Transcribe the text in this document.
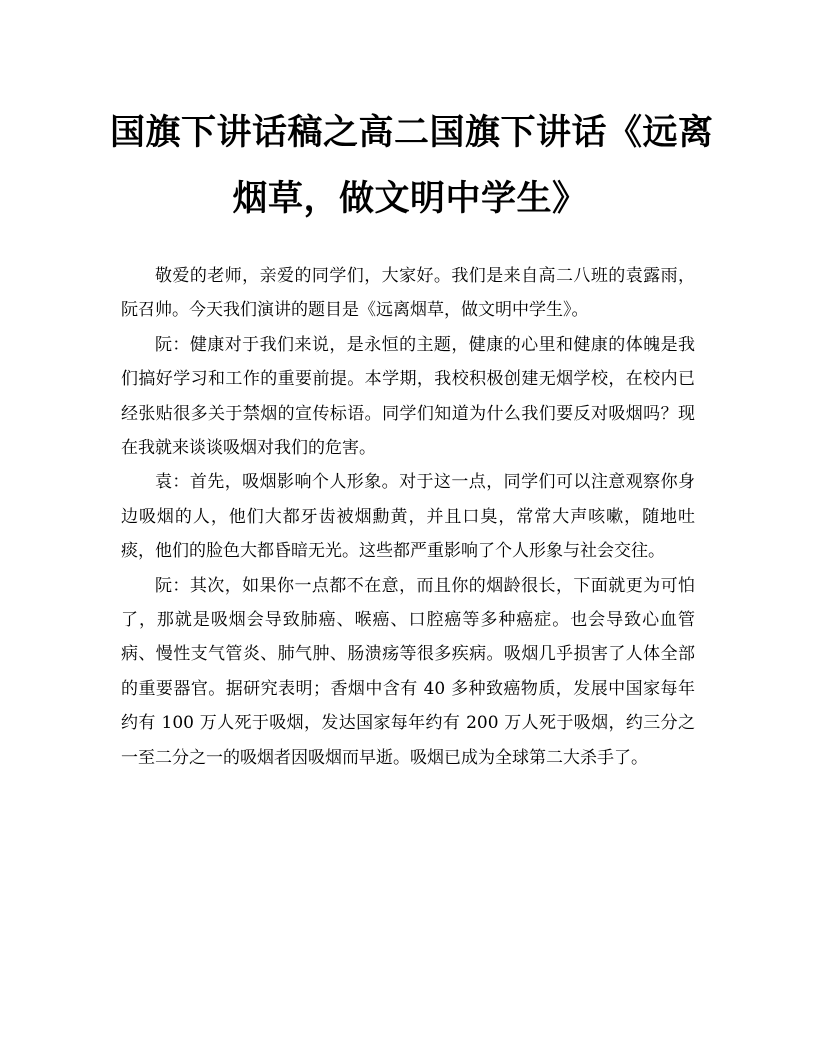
国旗下讲话稿之高二国旗下讲话《远离
烟草，做文明中学生》

敬爱的老师，亲爱的同学们，大家好。我们是来自高二八班的袁露雨，阮召帅。今天我们演讲的题目是《远离烟草，做文明中学生》。

阮：健康对于我们来说，是永恒的主题，健康的心里和健康的体魄是我们搞好学习和工作的重要前提。本学期，我校积极创建无烟学校，在校内已经张贴很多关于禁烟的宣传标语。同学们知道为什么我们要反对吸烟吗？现在我就来谈谈吸烟对我们的危害。

袁：首先，吸烟影响个人形象。对于这一点，同学们可以注意观察你身边吸烟的人，他们大都牙齿被烟勳黄，并且口臭，常常大声咳嗽，随地吐痰，他们的脸色大都昏暗无光。这些都严重影响了个人形象与社会交往。

阮：其次，如果你一点都不在意，而且你的烟龄很长，下面就更为可怕了，那就是吸烟会导致肺癌、喉癌、口腔癌等多种癌症。也会导致心血管病、慢性支气管炎、肺气肿、肠溃疡等很多疾病。吸烟几乎损害了人体全部的重要器官。据研究表明；香烟中含有 40 多种致癌物质，发展中国家每年约有 100 万人死于吸烟，发达国家每年约有 200 万人死于吸烟，约三分之一至二分之一的吸烟者因吸烟而早逝。吸烟已成为全球第二大杀手了。
